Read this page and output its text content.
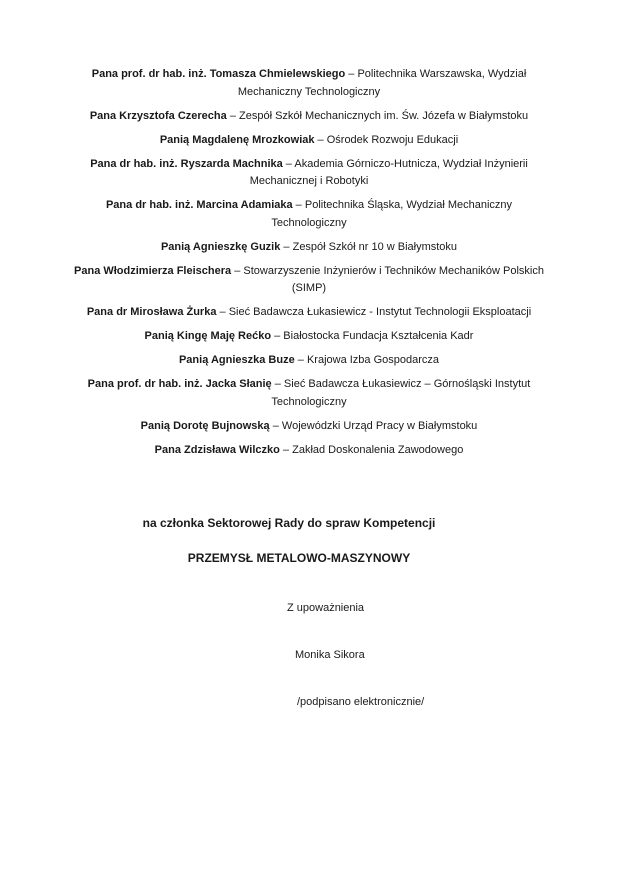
Pana prof. dr hab. inż. Tomasza Chmielewskiego – Politechnika Warszawska, Wydział Mechaniczny Technologiczny

Pana Krzysztofa Czerecha – Zespół Szkół Mechanicznych im. Św. Józefa w Białymstoku

Panią Magdalenę Mrozkowiak – Ośrodek Rozwoju Edukacji

Pana dr hab. inż. Ryszarda Machnika – Akademia Górniczo-Hutnicza, Wydział Inżynierii Mechanicznej i Robotyki

Pana dr hab. inż. Marcina Adamiaka – Politechnika Śląska, Wydział Mechaniczny Technologiczny

Panią Agnieszkę Guzik – Zespół Szkół nr 10 w Białymstoku

Pana Włodzimierza Fleischera – Stowarzyszenie Inżynierów i Techników Mechaników Polskich (SIMP)

Pana dr Mirosława Żurka – Sieć Badawcza Łukasiewicz - Instytut Technologii Eksploatacji

Panią Kingę Maję Rećko – Białostocka Fundacja Kształcenia Kadr

Panią Agnieszka Buze – Krajowa Izba Gospodarcza

Pana prof. dr hab. inż. Jacka Słanię – Sieć Badawcza Łukasiewicz – Górnośląski Instytut Technologiczny

Panią Dorotę Bujnowską – Wojewódzki Urząd Pracy w Białymstoku

Pana Zdzisława Wilczko – Zakład Doskonalenia Zawodowego

na członka Sektorowej Rady do spraw Kompetencji
PRZEMYSŁ METALOWO-MASZYNOWY
Z upoważnienia
Monika Sikora
/podpisano elektronicznie/
